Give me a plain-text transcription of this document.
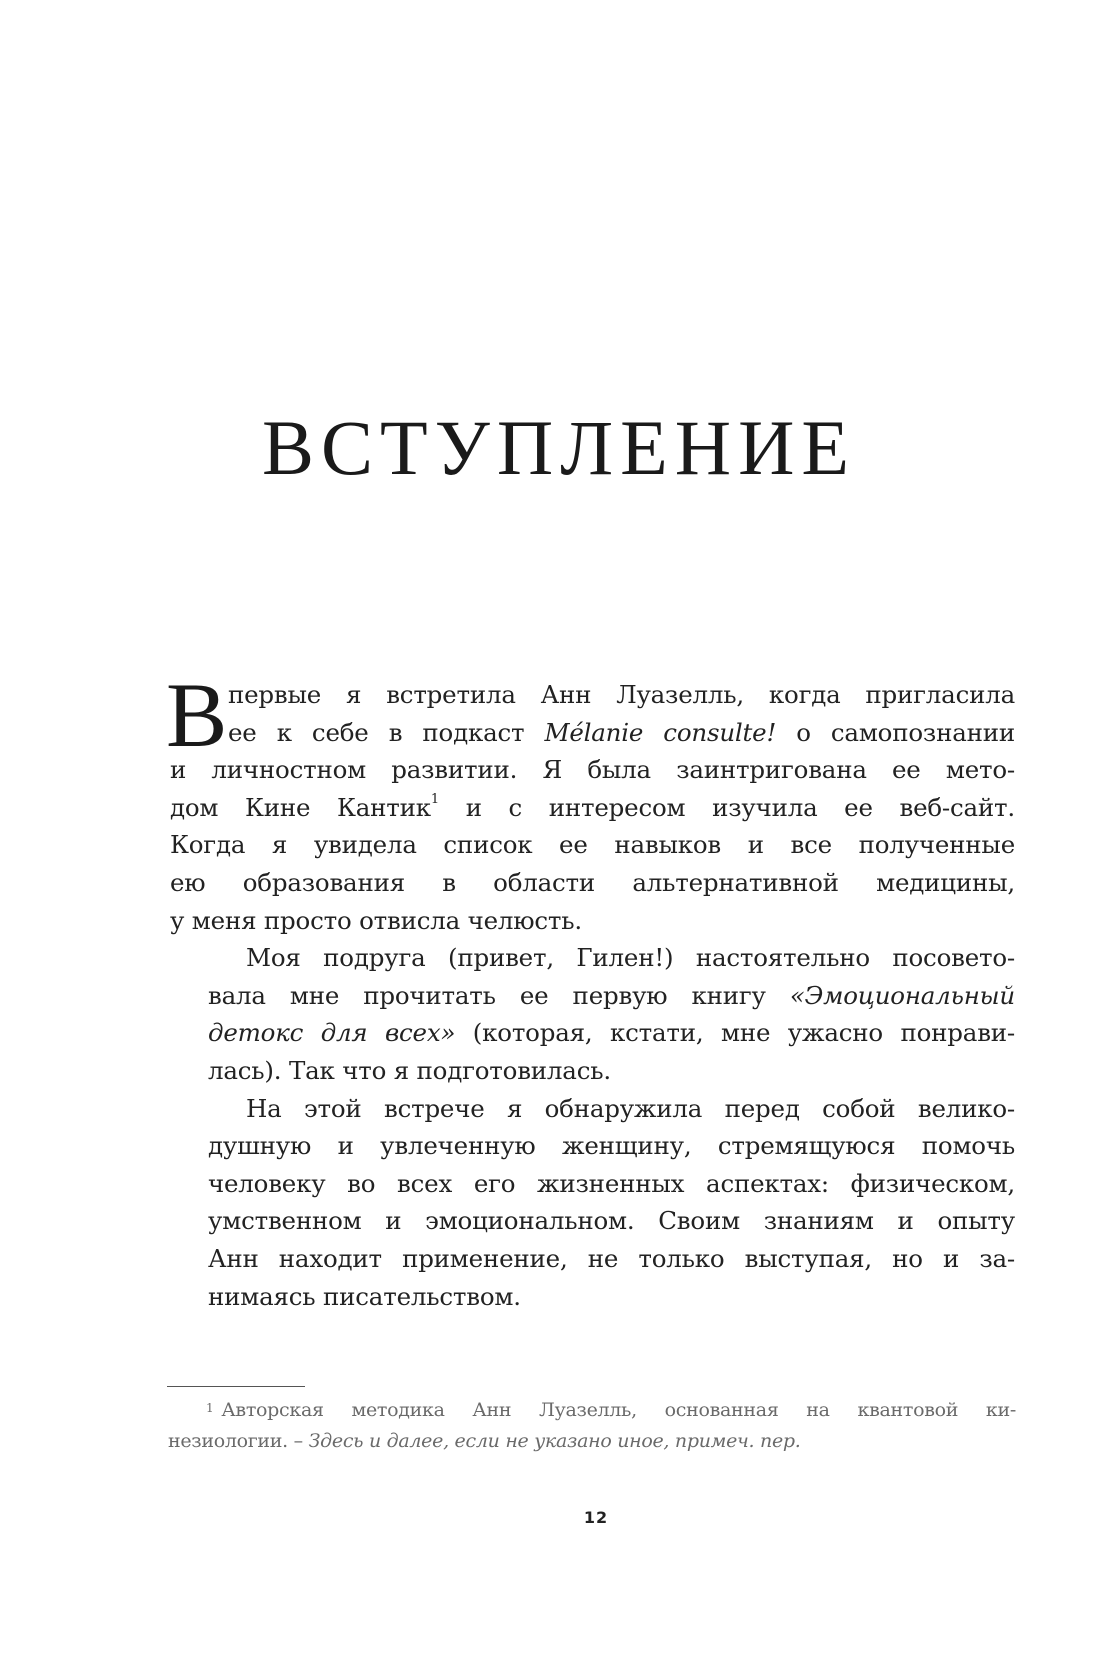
ВСТУПЛЕНИЕ
В первые я встретила Анн Луазелль, когда пригласила
ее к себе в подкаст Mélanie consulte! о самопознании
и личностном развитии. Я была заинтригована ее мето-
дом Кине Кантик$^1$ и с интересом изучила ее веб-сайт.
Когда я увидела список ее навыков и все полученные
ею образования в области альтернативной медицины,
у меня просто отвисла челюсть.
Моя подруга (привет, Гилен!) настоятельно посовето-
вала мне прочитать ее первую книгу «Эмоциональный
детокс для всех» (которая, кстати, мне ужасно понрави-
лась). Так что я подготовилась.
На этой встрече я обнаружила перед собой велико-
душную и увлеченную женщину, стремящуюся помочь
человеку во всех его жизненных аспектах: физическом,
умственном и эмоциональном. Своим знаниям и опыту
Анн находит применение, не только выступая, но и за-
нимаясь писательством.
$^1$ Авторская методика Анн Луазелль, основанная на квантовой ки-
незиологии. – Здесь и далее, если не указано иное, примеч. пер.
12
